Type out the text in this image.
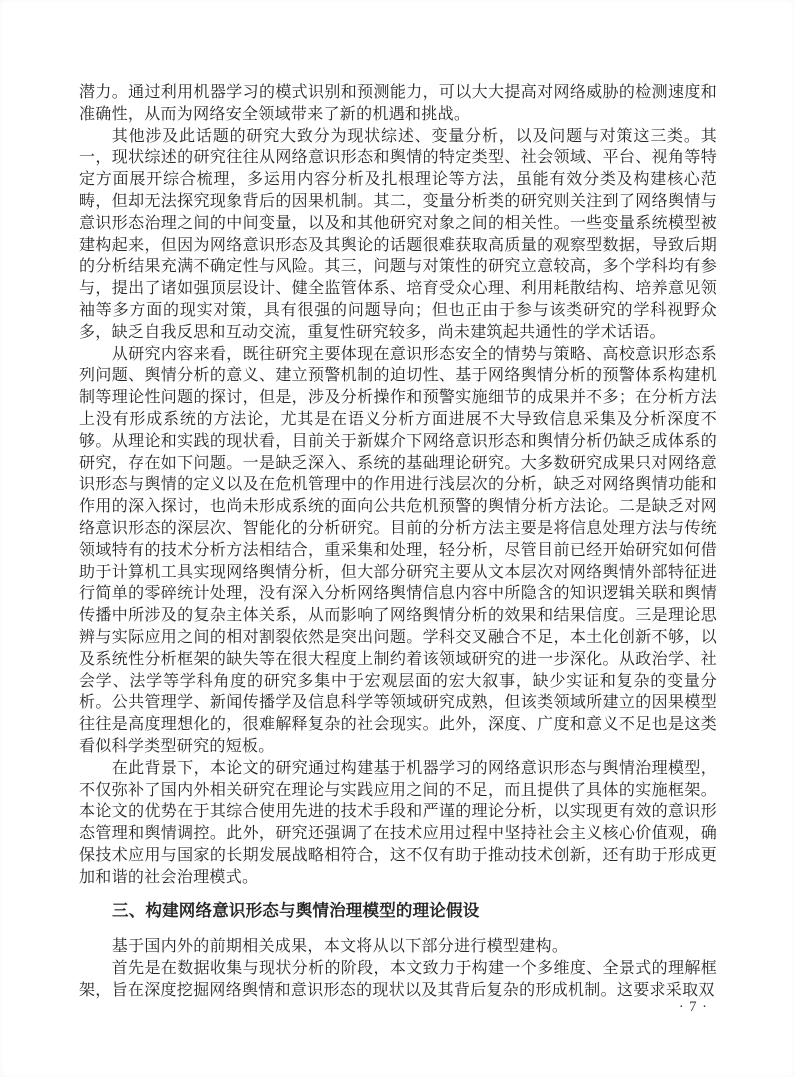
潜力。通过利用机器学习的模式识别和预测能力，可以大大提高对网络威胁的检测速度和准确性，从而为网络安全领域带来了新的机遇和挑战。

其他涉及此话题的研究大致分为现状综述、变量分析，以及问题与对策这三类。其一，现状综述的研究往往从网络意识形态和舆情的特定类型、社会领域、平台、视角等特定方面展开综合梳理，多运用内容分析及扎根理论等方法，虽能有效分类及构建核心范畴，但却无法探究现象背后的因果机制。其二，变量分析类的研究则关注到了网络舆情与意识形态治理之间的中间变量，以及和其他研究对象之间的相关性。一些变量系统模型被建构起来，但因为网络意识形态及其舆论的话题很难获取高质量的观察型数据，导致后期的分析结果充满不确定性与风险。其三，问题与对策性的研究立意较高，多个学科均有参与，提出了诸如强顶层设计、健全监管体系、培育受众心理、利用耗散结构、培养意见领袖等多方面的现实对策，具有很强的问题导向；但也正由于参与该类研究的学科视野众多，缺乏自我反思和互动交流，重复性研究较多，尚未建筑起共通性的学术话语。

从研究内容来看，既往研究主要体现在意识形态安全的情势与策略、高校意识形态系列问题、舆情分析的意义、建立预警机制的迫切性、基于网络舆情分析的预警体系构建机制等理论性问题的探讨，但是，涉及分析操作和预警实施细节的成果并不多；在分析方法上没有形成系统的方法论，尤其是在语义分析方面进展不大导致信息采集及分析深度不够。从理论和实践的现状看，目前关于新媒介下网络意识形态和舆情分析仍缺乏成体系的研究，存在如下问题。一是缺乏深入、系统的基础理论研究。大多数研究成果只对网络意识形态与舆情的定义以及在危机管理中的作用进行浅层次的分析，缺乏对网络舆情功能和作用的深入探讨，也尚未形成系统的面向公共危机预警的舆情分析方法论。二是缺乏对网络意识形态的深层次、智能化的分析研究。目前的分析方法主要是将信息处理方法与传统领域特有的技术分析方法相结合，重采集和处理，轻分析，尽管目前已经开始研究如何借助于计算机工具实现网络舆情分析，但大部分研究主要从文本层次对网络舆情外部特征进行简单的零碎统计处理，没有深入分析网络舆情信息内容中所隐含的知识逻辑关联和舆情传播中所涉及的复杂主体关系，从而影响了网络舆情分析的效果和结果信度。三是理论思辨与实际应用之间的相对割裂依然是突出问题。学科交叉融合不足，本土化创新不够，以及系统性分析框架的缺失等在很大程度上制约着该领域研究的进一步深化。从政治学、社会学、法学等学科角度的研究多集中于宏观层面的宏大叙事，缺少实证和复杂的变量分析。公共管理学、新闻传播学及信息科学等领域研究成熟，但该类领域所建立的因果模型往往是高度理想化的，很难解释复杂的社会现实。此外，深度、广度和意义不足也是这类看似科学类型研究的短板。

在此背景下，本论文的研究通过构建基于机器学习的网络意识形态与舆情治理模型，不仅弥补了国内外相关研究在理论与实践应用之间的不足，而且提供了具体的实施框架。本论文的优势在于其综合使用先进的技术手段和严谨的理论分析，以实现更有效的意识形态管理和舆情调控。此外，研究还强调了在技术应用过程中坚持社会主义核心价值观，确保技术应用与国家的长期发展战略相符合，这不仅有助于推动技术创新，还有助于形成更加和谐的社会治理模式。

三、构建网络意识形态与舆情治理模型的理论假设

基于国内外的前期相关成果，本文将从以下部分进行模型建构。

首先是在数据收集与现状分析的阶段，本文致力于构建一个多维度、全景式的理解框架，旨在深度挖掘网络舆情和意识形态的现状以及其背后复杂的形成机制。这要求采取双

· 7 ·
